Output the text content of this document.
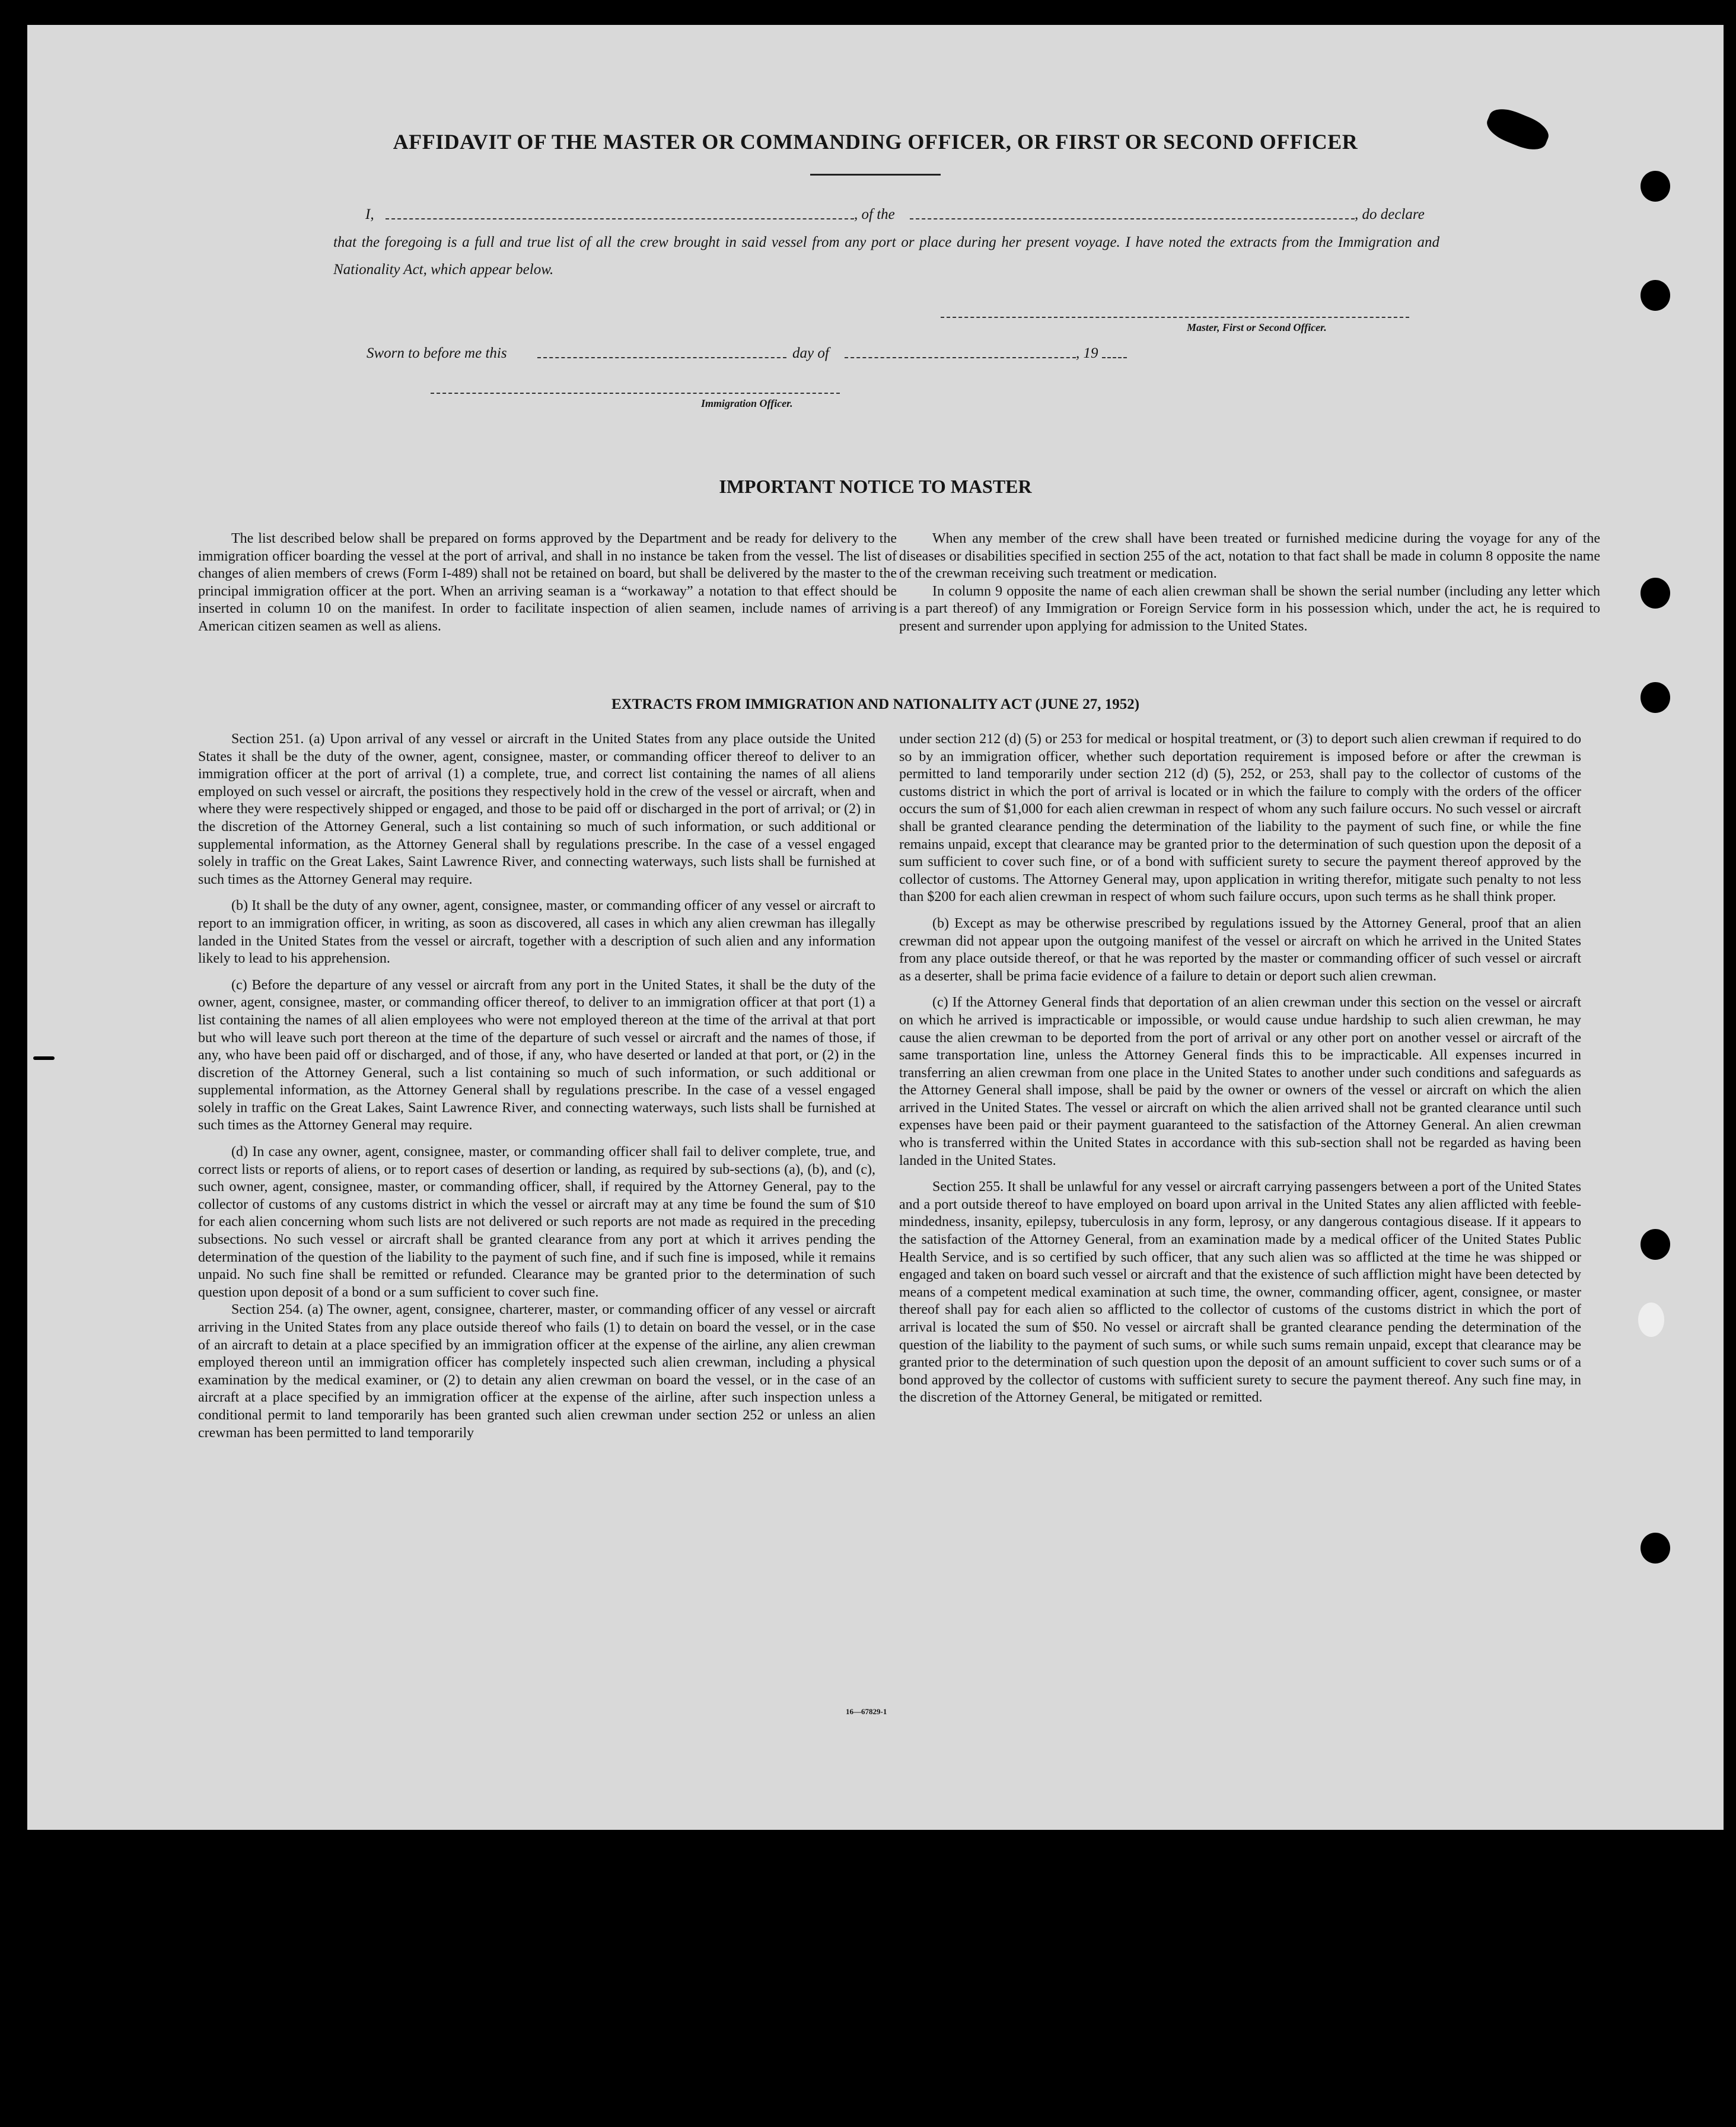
AFFIDAVIT OF THE MASTER OR COMMANDING OFFICER, OR FIRST OR SECOND OFFICER
I,	, of the	, do declare
that the foregoing is a full and true list of all the crew brought in said vessel from any port or place during her present voyage. I have noted the extracts from the Immigration and Nationality Act, which appear below.
Master, First or Second Officer.
Sworn to before me this	day of	, 19
Immigration Officer.
IMPORTANT NOTICE TO MASTER

The list described below shall be prepared on forms approved by the Department and be ready for delivery to the immigration officer boarding the vessel at the port of arrival, and shall in no instance be taken from the vessel. The list of changes of alien members of crews (Form I-489) shall not be retained on board, but shall be delivered by the master to the principal immigration officer at the port. When an arriving seaman is a “workaway” a notation to that effect should be inserted in column 10 on the manifest. In order to facilitate inspection of alien seamen, include names of arriving American citizen seamen as well as aliens.

When any member of the crew shall have been treated or furnished medicine during the voyage for any of the diseases or disabilities specified in section 255 of the act, notation to that fact shall be made in column 8 opposite the name of the crewman receiving such treatment or medication.

In column 9 opposite the name of each alien crewman shall be shown the serial number (including any letter which is a part thereof) of any Immigration or Foreign Service form in his possession which, under the act, he is required to present and surrender upon applying for admission to the United States.

EXTRACTS FROM IMMIGRATION AND NATIONALITY ACT (JUNE 27, 1952)

Section 251. (a) Upon arrival of any vessel or aircraft in the United States from any place outside the United States it shall be the duty of the owner, agent, consignee, master, or commanding officer thereof to deliver to an immigration officer at the port of arrival (1) a complete, true, and correct list containing the names of all aliens employed on such vessel or aircraft, the positions they respectively hold in the crew of the vessel or aircraft, when and where they were respectively shipped or engaged, and those to be paid off or discharged in the port of arrival; or (2) in the discretion of the Attorney General, such a list containing so much of such information, or such additional or supplemental information, as the Attorney General shall by regulations prescribe. In the case of a vessel engaged solely in traffic on the Great Lakes, Saint Lawrence River, and connecting waterways, such lists shall be furnished at such times as the Attorney General may require.

(b) It shall be the duty of any owner, agent, consignee, master, or commanding officer of any vessel or aircraft to report to an immigration officer, in writing, as soon as discovered, all cases in which any alien crewman has illegally landed in the United States from the vessel or aircraft, together with a description of such alien and any information likely to lead to his apprehension.

(c) Before the departure of any vessel or aircraft from any port in the United States, it shall be the duty of the owner, agent, consignee, master, or commanding officer thereof, to deliver to an immigration officer at that port (1) a list containing the names of all alien employees who were not employed thereon at the time of the arrival at that port but who will leave such port thereon at the time of the departure of such vessel or aircraft and the names of those, if any, who have been paid off or discharged, and of those, if any, who have deserted or landed at that port, or (2) in the discretion of the Attorney General, such a list containing so much of such information, or such additional or supplemental information, as the Attorney General shall by regulations prescribe. In the case of a vessel engaged solely in traffic on the Great Lakes, Saint Lawrence River, and connecting waterways, such lists shall be furnished at such times as the Attorney General may require.

(d) In case any owner, agent, consignee, master, or commanding officer shall fail to deliver complete, true, and correct lists or reports of aliens, or to report cases of desertion or landing, as required by sub-sections (a), (b), and (c), such owner, agent, consignee, master, or commanding officer, shall, if required by the Attorney General, pay to the collector of customs of any customs district in which the vessel or aircraft may at any time be found the sum of $10 for each alien concerning whom such lists are not delivered or such reports are not made as required in the preceding subsections. No such vessel or aircraft shall be granted clearance from any port at which it arrives pending the determination of the question of the liability to the payment of such fine, and if such fine is imposed, while it remains unpaid. No such fine shall be remitted or refunded. Clearance may be granted prior to the determination of such question upon deposit of a bond or a sum sufficient to cover such fine.

Section 254. (a) The owner, agent, consignee, charterer, master, or commanding officer of any vessel or aircraft arriving in the United States from any place outside thereof who fails (1) to detain on board the vessel, or in the case of an aircraft to detain at a place specified by an immigration officer at the expense of the airline, any alien crewman employed thereon until an immigration officer has completely inspected such alien crewman, including a physical examination by the medical examiner, or (2) to detain any alien crewman on board the vessel, or in the case of an aircraft at a place specified by an immigration officer at the expense of the airline, after such inspection unless a conditional permit to land temporarily has been granted such alien crewman under section 252 or unless an alien crewman has been permitted to land temporarily

under section 212 (d) (5) or 253 for medical or hospital treatment, or (3) to deport such alien crewman if required to do so by an immigration officer, whether such deportation requirement is imposed before or after the crewman is permitted to land temporarily under section 212 (d) (5), 252, or 253, shall pay to the collector of customs of the customs district in which the port of arrival is located or in which the failure to comply with the orders of the officer occurs the sum of $1,000 for each alien crewman in respect of whom any such failure occurs. No such vessel or aircraft shall be granted clearance pending the determination of the liability to the payment of such fine, or while the fine remains unpaid, except that clearance may be granted prior to the determination of such question upon the deposit of a sum sufficient to cover such fine, or of a bond with sufficient surety to secure the payment thereof approved by the collector of customs. The Attorney General may, upon application in writing therefor, mitigate such penalty to not less than $200 for each alien crewman in respect of whom such failure occurs, upon such terms as he shall think proper.

(b) Except as may be otherwise prescribed by regulations issued by the Attorney General, proof that an alien crewman did not appear upon the outgoing manifest of the vessel or aircraft on which he arrived in the United States from any place outside thereof, or that he was reported by the master or commanding officer of such vessel or aircraft as a deserter, shall be prima facie evidence of a failure to detain or deport such alien crewman.

(c) If the Attorney General finds that deportation of an alien crewman under this section on the vessel or aircraft on which he arrived is impracticable or impossible, or would cause undue hardship to such alien crewman, he may cause the alien crewman to be deported from the port of arrival or any other port on another vessel or aircraft of the same transportation line, unless the Attorney General finds this to be impracticable. All expenses incurred in transferring an alien crewman from one place in the United States to another under such conditions and safeguards as the Attorney General shall impose, shall be paid by the owner or owners of the vessel or aircraft on which the alien arrived in the United States. The vessel or aircraft on which the alien arrived shall not be granted clearance until such expenses have been paid or their payment guaranteed to the satisfaction of the Attorney General. An alien crewman who is transferred within the United States in accordance with this sub-section shall not be regarded as having been landed in the United States.

Section 255. It shall be unlawful for any vessel or aircraft carrying passengers between a port of the United States and a port outside thereof to have employed on board upon arrival in the United States any alien afflicted with feeble-mindedness, insanity, epilepsy, tuberculosis in any form, leprosy, or any dangerous contagious disease. If it appears to the satisfaction of the Attorney General, from an examination made by a medical officer of the United States Public Health Service, and is so certified by such officer, that any such alien was so afflicted at the time he was shipped or engaged and taken on board such vessel or aircraft and that the existence of such affliction might have been detected by means of a competent medical examination at such time, the owner, commanding officer, agent, consignee, or master thereof shall pay for each alien so afflicted to the collector of customs of the customs district in which the port of arrival is located the sum of $50. No vessel or aircraft shall be granted clearance pending the determination of the question of the liability to the payment of such sums, or while such sums remain unpaid, except that clearance may be granted prior to the determination of such question upon the deposit of an amount sufficient to cover such sums or of a bond approved by the collector of customs with sufficient surety to secure the payment thereof. Any such fine may, in the discretion of the Attorney General, be mitigated or remitted.

16—67829-1
